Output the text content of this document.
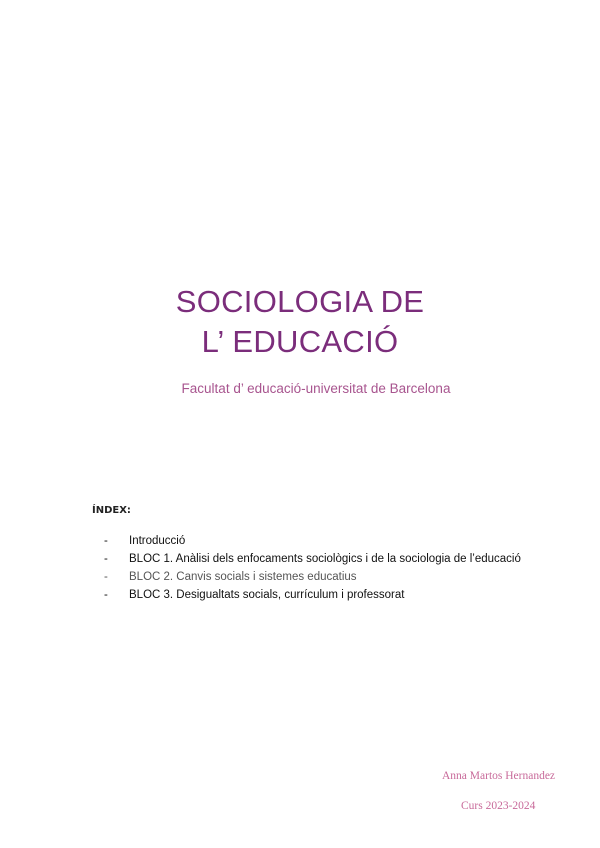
SOCIOLOGIA DE
L’ EDUCACIÓ
Facultat d’ educació-universitat de Barcelona
ÍNDEX:
-	Introducció
-	BLOC 1. Anàlisi dels enfocaments sociològics i de la sociologia de l’educació
-	BLOC 2. Canvis socials i sistemes educatius
-	BLOC 3. Desigualtats socials, currículum i professorat
Anna Martos Hernandez
Curs 2023-2024
